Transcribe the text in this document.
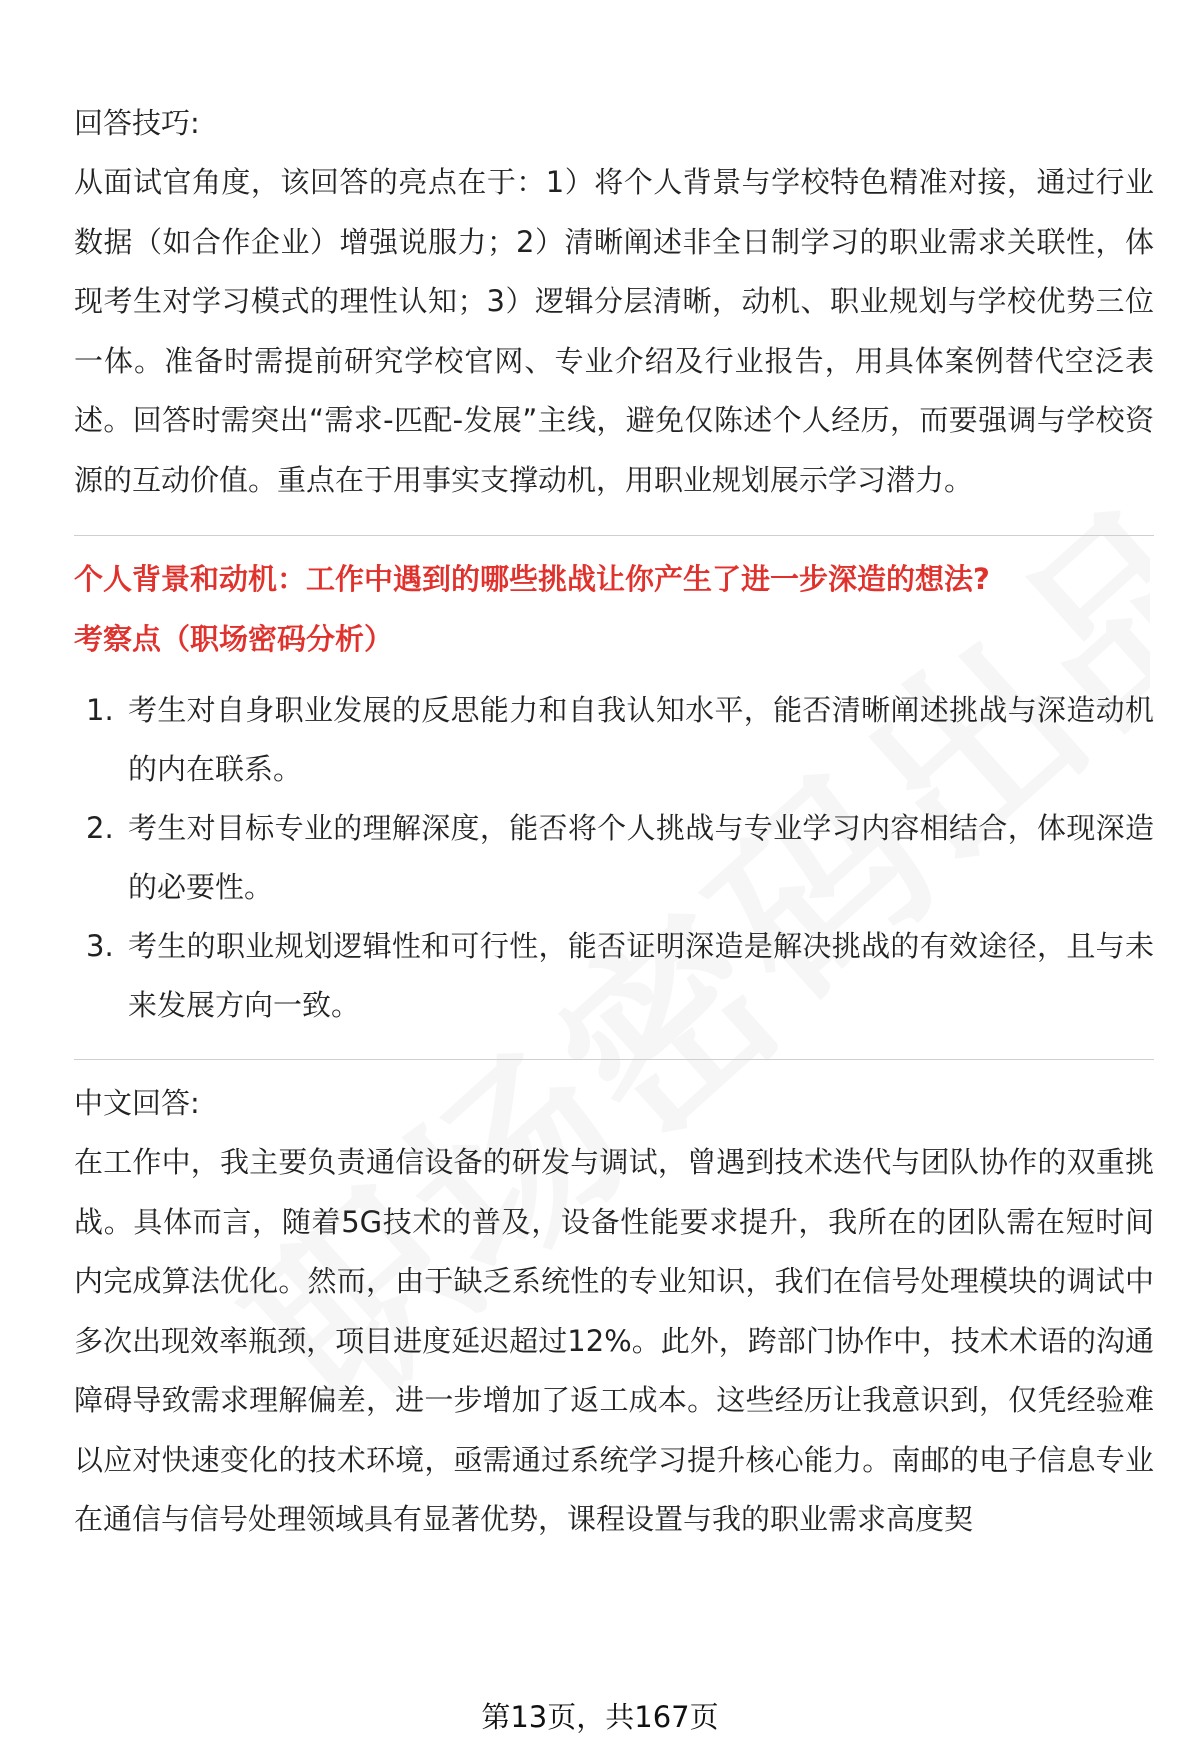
回答技巧:

从面试官角度，该回答的亮点在于：1）将个人背景与学校特色精准对接，通过行业数据（如合作企业）增强说服力；2）清晰阐述非全日制学习的职业需求关联性，体现考生对学习模式的理性认知；3）逻辑分层清晰，动机、职业规划与学校优势三位一体。准备时需提前研究学校官网、专业介绍及行业报告，用具体案例替代空泛表述。回答时需突出“需求-匹配-发展”主线，避免仅陈述个人经历，而要强调与学校资源的互动价值。重点在于用事实支撑动机，用职业规划展示学习潜力。

个人背景和动机：工作中遇到的哪些挑战让你产生了进一步深造的想法?

考察点（职场密码分析）

1. 考生对自身职业发展的反思能力和自我认知水平，能否清晰阐述挑战与深造动机的内在联系。
2. 考生对目标专业的理解深度，能否将个人挑战与专业学习内容相结合，体现深造的必要性。
3. 考生的职业规划逻辑性和可行性，能否证明深造是解决挑战的有效途径，且与未来发展方向一致。

中文回答:

在工作中，我主要负责通信设备的研发与调试，曾遇到技术迭代与团队协作的双重挑战。具体而言，随着5G技术的普及，设备性能要求提升，我所在的团队需在短时间内完成算法优化。然而，由于缺乏系统性的专业知识，我们在信号处理模块的调试中多次出现效率瓶颈，项目进度延迟超过12%。此外，跨部门协作中，技术术语的沟通障碍导致需求理解偏差，进一步增加了返工成本。这些经历让我意识到，仅凭经验难以应对快速变化的技术环境，亟需通过系统学习提升核心能力。南邮的电子信息专业在通信与信号处理领域具有显著优势，课程设置与我的职业需求高度契

第13页，共167页
